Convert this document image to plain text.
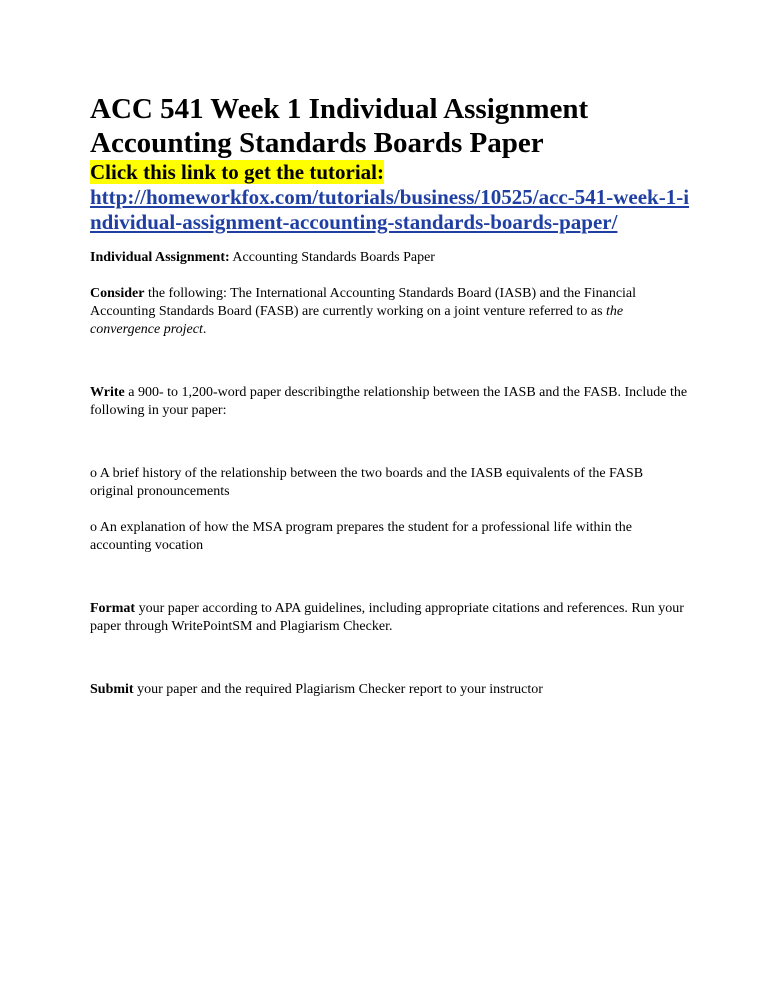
ACC 541 Week 1 Individual Assignment
Accounting Standards Boards Paper

Click this link to get the tutorial:
http://homeworkfox.com/tutorials/business/10525/acc-541-week-1-individual-assignment-accounting-standards-boards-paper/

Individual Assignment: Accounting Standards Boards Paper

Consider the following: The International Accounting Standards Board (IASB) and the Financial Accounting Standards Board (FASB) are currently working on a joint venture referred to as the convergence project.

Write a 900- to 1,200-word paper describingthe relationship between the IASB and the FASB. Include the following in your paper:

o A brief history of the relationship between the two boards and the IASB equivalents of the FASB original pronouncements

o An explanation of how the MSA program prepares the student for a professional life within the accounting vocation

Format your paper according to APA guidelines, including appropriate citations and references. Run your paper through WritePointSM and Plagiarism Checker.

Submit your paper and the required Plagiarism Checker report to your instructor
